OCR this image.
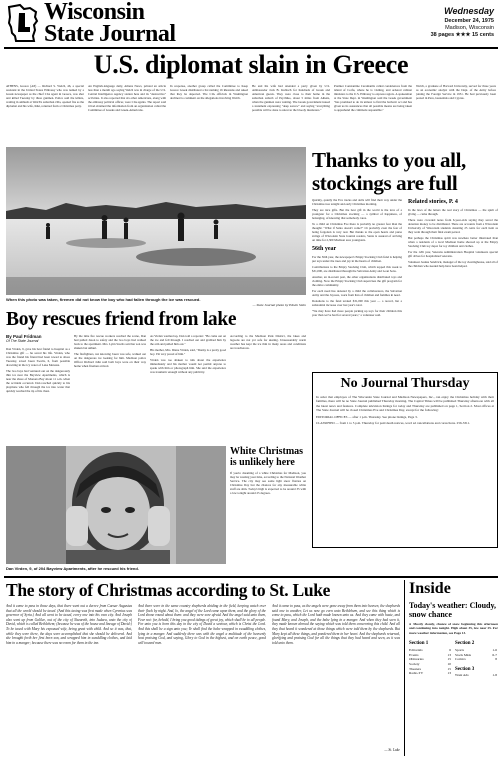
Wisconsin
State Journal
Wednesday
December 24, 1975
Madison, Wisconsin
38 pages ★★★ 15 cents
U.S. diplomat slain in Greece
ATHENS, Greece (AP) — Richard S. Welch, 46, a special assistant in the United States Embassy who was named by a Greek newspaper as the chief CIA agent in Greece, was shot and killed Tuesday by three gunmen. Police said the killers, waiting in ambush at Welch's suburban villa, opened fire as the diplomat and his wife, Kiki, returned from a Christmas party.
An English-language daily, Athens News, printed an article less than a month ago saying Welch was in charge of the U.S. Central Intelligence Agency station here and its "destructive" activities. It also reported that six other Americans, along with the embassy political officer, were CIA agents. The report said it had obtained the information from an organization called the Committee of Greeks and Greek-Americans.
In response, another group called the Committee to Keep Greece Greek distributed a list naming 16 Russians and asked that they be deported. The CIA officials in Washington declined to comment on the allegations involving Welch.
He and his wife had attended a party given by U.S. Ambassador Jack B. Kubisch for hundreds of Greek and American guests. They were close to their home in the suburban suburb of Psychiko, about 5 miles from Athens, when the gunmen were waiting. The Greek government issued a statement expressing "deep sorrow" and saying "everything possible will be done to uncover the bloody murderers."
Premier Constantine Caramanlis called condolences from the island of Corfu, where he is visiting, and ordered cabinet ministers to the U.S. Embassy to express regrets. A spokesman at the State Dept. in Washington said the Greek government "has promised to do its utmost to find the barbaric act and has given us its assurances that all possible means are being taken to apprehend the criminals responsible."
Welch, a graduate of Harvard University, served for three years as an economic analyst with the Dept. of the Army before joining the Foreign Service in 1951. He had previously been posted in Peru, Guatemala and Cyprus.
When this photo was taken, firemen did not know the boy who had fallen through the ice was rescued.
— State Journal photo by Edwin Stein
Thanks to you all, stockings are full

Quickly, quietly the Eve tracks and dolls will find their way under the Christmas tree tonight and early Christmas morning.

They are nice gifts. But the best gift in the world is the love of a youngster for a Christmas stocking — a symbol of happiness, of belonging, of knowing that somebody cares.

To a child on Christmas Eve there is probably no greater fear than the thought: "What if Santa doesn't come?" Or probably even the fear of being forgotten is very real. But thanks to the open hearts and purse strings of Wisconsin State Journal readers, Santa is assured of arriving on time for 2,300 Madison area youngsters.

56th year

For the 56th year, the newspaper's Empty Stocking Club fund is helping put toys under the trees and joy in the hearts of children.

Contributions to the Empty Stocking Club, which topped this week to $31,000, are distributed through the Salvation Army and Loan Sons.

Another, an in-recent past, the other organizations distributed toys and clothing. Now the Empty Stocking Club supervises the gift program for the entire community.

For each need has donated by a child the collaborators, the Salvation Army and the Jaycees, work from lists of children and families in need.

Donations to the fund totaled $31,000 this year — a record, but a substantial increase over last year's total.

"We may have had more people picking up toys for their children this year than we've had for several years," a volunteer said.

Related stories, P. 4

In the laws of the letters the real story of Christmas — the spirit of giving — came through.

There were crowded notes from 6-year-olds saying they saved the donation money to be distributed. There are accounts from a Wisconsin University of Wisconsin students donating 25 cents for each item as they went through their final exam period.

But perhaps the Christmas spirit was nowhere better illustrated than when a residents of a local Madison home showed up at the Empty Stocking Club toy depot for toy children and clothes.

For the 12th year, Veterans Administration Hospital volunteers special gift drives for hospitalized veterans.

Volunteer Jeanne Sandvick, manager of the toy clearinghouse, said all of the children who needed help have been helped.

Boy rescues friend from lake
By Paul Fridman
Of The State Journal

Dan Virden, 9, gave his best friend to hospital as a Christmas gift — he saved his life. Virden, who was the friend his friend had been rowed to shore Tuesday, saved Jason Swelts, 6, from possible drowning in the icy water of Lake Monona.

The two boys had ventured out on the dangerously thin ice near the Bayview Apartments, which is near the shore of Monona Bay about 11 a.m. when the accident occurred. Dan reached quickly to his playmate who fell through the ice into water that quickly reached the tip of his chest.

By the time fire rescue workers reached the scene, Dan had pulled Jason to safety and the two boys had walked back to the apartment. Mrs. Lynn Swelts said her son was shaken but unhurt.

The firefighters, not knowing Jason was safe, walked out on the dangerous ice looking for him. Madison police Officer Richard Jahn said both boys were on their way home when firemen arrived.

As Virden warmed up, Dan told a reporter: "He came out on the ice and fell through. I reached out and grabbed him by the arm and pulled him out."

His mother, Mrs. Diane Virden, said, "Danny is a pretty good boy. I'm very proud of him."

Virden was too shaken to talk about the experience immediately and his mother would not permit anyone to speak with him or photograph him. She said the experience was traumatic enough without any publicity.

According to the Madison Park District, the lakes and lagoons are not yet safe for skating. Unseasonably warm weather has kept the ice thin in many areas and conditions are treacherous.

Dan Virden, 9, of 204 Bayview Apartments, after he rescued his friend.
White Christmas is unlikely here
If you're dreaming of a white Christmas for Madison, you may be wasting your time, according to the National Weather Service. The city may see some light snow flurries on Christmas Day but the chances for any measurable white stuff are slim. Today's high is expected to be around 35 with a low tonight around 25 degrees.
No Journal Thursday
In order that employes of The Wisconsin State Journal and Madison Newspapers, Inc., can enjoy the Christmas holiday with their families, there will be no State Journal published Thursday morning. The Capital Times will be published Thursday afternoon with all the latest news and features. Complete television listings for today and Thursday are published on page 1, Section 2. Most offices at The State Journal will be closed Christmas Eve and Christmas Day, except for the following:
EDITORIAL OFFICES — after 1 p.m. Thursday. See phone listings, Page 3.
CLASSIFIED — from 1 to 5 p.m. Thursday for paid death notices, word ad cancellations and corrections. 256-3311.
The story of Christmas according to St. Luke
And it came to pass in those days, that there went out a decree from Caesar Augustus that all the world should be taxed. (And this taxing was first made when Cyrenius was governor of Syria.) And all went to be taxed, every one into his own city. And Joseph also went up from Galilee, out of the city of Nazareth, into Judaea, unto the city of David, which is called Bethlehem; (because he was of the house and lineage of David:) To be taxed with Mary his espoused wife, being great with child. And so it was, that, while they were there, the days were accomplished that she should be delivered. And she brought forth her first born son, and wrapped him in swaddling clothes, and laid him in a manger; because there was no room for them in the inn.
And there were in the same country shepherds abiding in the field, keeping watch over their flock by night. And, lo, the angel of the Lord came upon them, and the glory of the Lord shone round about them: and they were sore afraid. And the angel said unto them, Fear not: for, behold, I bring you good tidings of great joy, which shall be to all people. For unto you is born this day in the city of David a saviour, which is Christ the Lord. And this shall be a sign unto you; Ye shall find the babe wrapped in swaddling clothes, lying in a manger. And suddenly there was with the angel a multitude of the heavenly host praising God, and saying, Glory to God in the highest, and on earth peace, good will toward men.
And it came to pass, as the angels were gone away from them into heaven, the shepherds said one to another, Let us now go even unto Bethlehem, and see this thing which is come to pass, which the Lord hath made known unto us. And they came with haste, and found Mary, and Joseph, and the babe lying in a manger. And when they had seen it, they made known abroad the saying which was told them concerning this child. And all they that heard it wondered at those things which were told them by the shepherds. But Mary kept all these things, and pondered them in her heart. And the shepherds returned, glorifying and praising God for all the things that they had heard and seen, as it was told unto them.
— St. Luke
Inside
Today's weather: Cloudy, snow chance
● Mostly cloudy, chance of snow beginning this afternoon and continuing into tonight. High about 35, low near 25. For more weather information, see Page 13.
Section 1
Editorials	6
Events	13
Obituaries	15
Society	10
Theaters	15
Radio-TV	13
Section 2
Sports	1-6
Stock Mkts	6-7
Comics	8
Section 3
Want Ads	1-8
